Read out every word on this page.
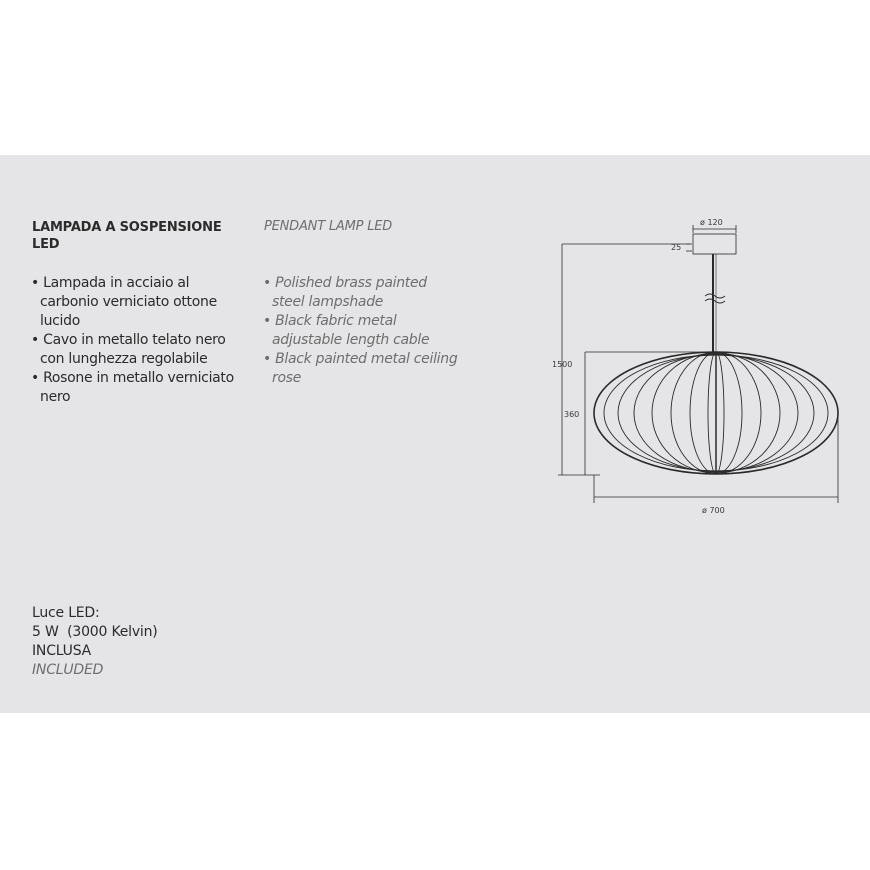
LAMPADA A SOSPENSIONE LED
PENDANT LAMP LED
• Lampada in acciaio al carbonio verniciato ottone lucido
• Cavo in metallo telato nero con lunghezza regolabile
• Rosone in metallo verniciato nero
• Polished brass painted steel lampshade
• Black fabric metal adjustable length cable
• Black painted metal ceiling rose
Luce LED:
5 W  (3000 Kelvin)
INCLUSA
INCLUDED
ø 120
25
1500
360
ø 700
